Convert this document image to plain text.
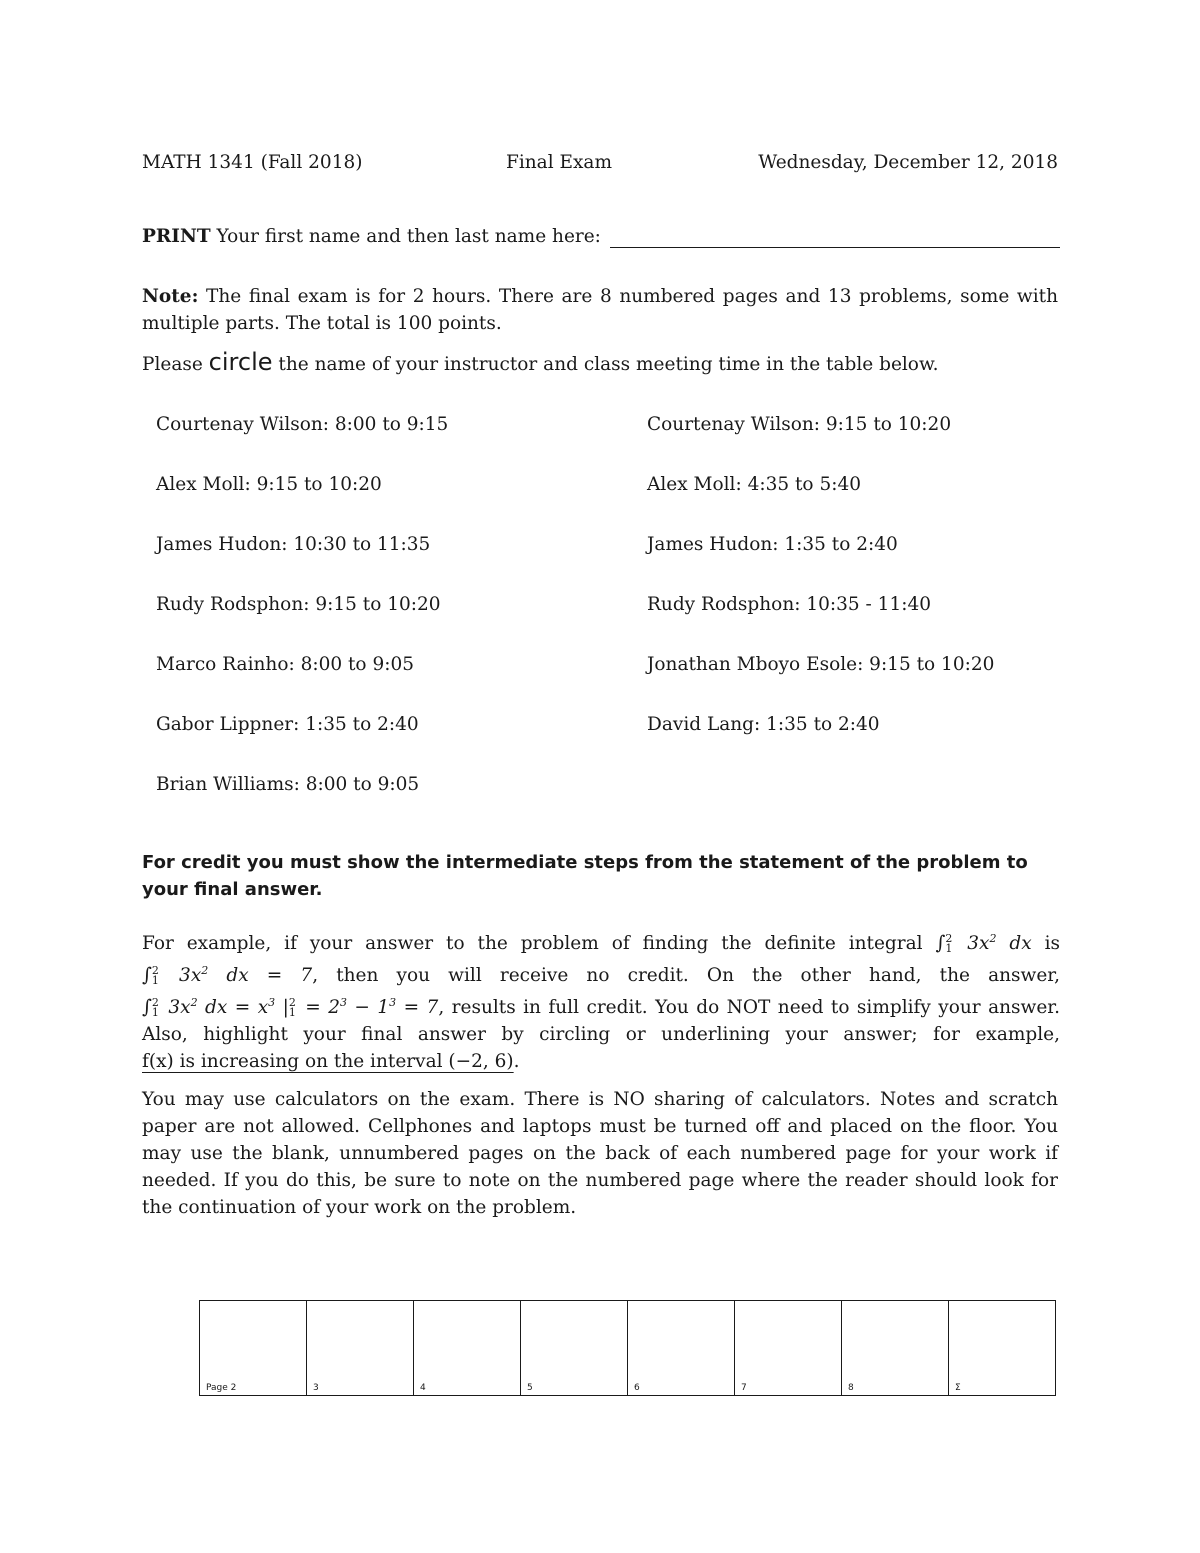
MATH 1341 (Fall 2018)	Final Exam	Wednesday, December 12, 2018
PRINT Your first name and then last name here:
Note: The final exam is for 2 hours. There are 8 numbered pages and 13 problems, some with multiple parts. The total is 100 points.
Please circle the name of your instructor and class meeting time in the table below.
Courtenay Wilson: 8:00 to 9:15	Courtenay Wilson: 9:15 to 10:20
Alex Moll: 9:15 to 10:20	Alex Moll: 4:35 to 5:40
James Hudon: 10:30 to 11:35	James Hudon: 1:35 to 2:40
Rudy Rodsphon: 9:15 to 10:20	Rudy Rodsphon: 10:35 - 11:40
Marco Rainho: 8:00 to 9:05	Jonathan Mboyo Esole: 9:15 to 10:20
Gabor Lippner: 1:35 to 2:40	David Lang: 1:35 to 2:40
Brian Williams: 8:00 to 9:05
For credit you must show the intermediate steps from the statement of the problem to your final answer.
For example, if your answer to the problem of finding the definite integral ∫2
1 $3x^2$ dx is ∫2
1 $3x^2$ dx = 7, then you will receive no credit. On the other hand, the answer, ∫2
1 $3x^2$ dx = $x^3$ |2
$1 = 2^3 - 1^3 = 7$, results in full credit. You do NOT need to simplify your answer. Also, highlight your final answer by circling or underlining your answer; for example, f(x) is increasing on the interval (−2, 6).
You may use calculators on the exam. There is NO sharing of calculators. Notes and scratch paper are not allowed. Cellphones and laptops must be turned off and placed on the floor. You may use the blank, unnumbered pages on the back of each numbered page for your work if needed. If you do this, be sure to note on the numbered page where the reader should look for the continuation of your work on the problem.
Page 2	3	4	5	6	7	8	Σ
